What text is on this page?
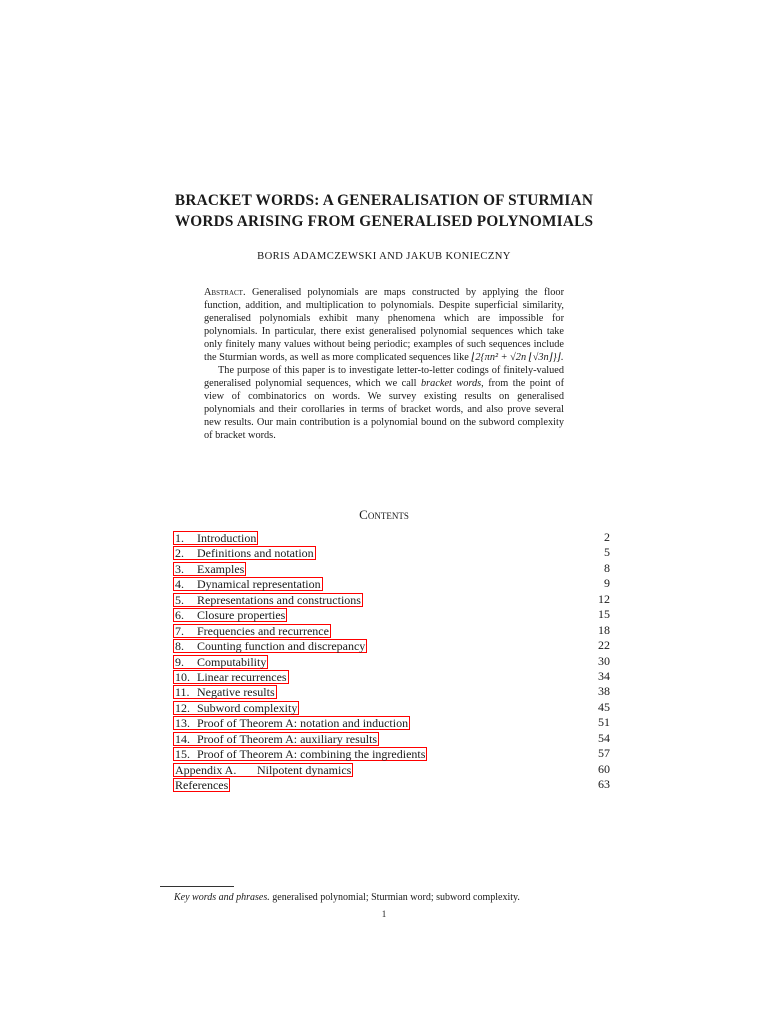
BRACKET WORDS: A GENERALISATION OF STURMIAN
WORDS ARISING FROM GENERALISED POLYNOMIALS
BORIS ADAMCZEWSKI AND JAKUB KONIECZNY

Abstract. Generalised polynomials are maps constructed by applying the floor function, addition, and multiplication to polynomials. Despite superficial similarity, generalised polynomials exhibit many phenomena which are impossible for polynomials. In particular, there exist generalised polynomial sequences which take only finitely many values without being periodic; examples of such sequences include the Sturmian words, as well as more complicated sequences like ⌊2{πn² + √2n ⌊√3n⌋}⌋.

The purpose of this paper is to investigate letter-to-letter codings of finitely-valued generalised polynomial sequences, which we call bracket words, from the point of view of combinatorics on words. We survey existing results on generalised polynomials and their corollaries in terms of bracket words, and also prove several new results. Our main contribution is a polynomial bound on the subword complexity of bracket words.

Contents
1. Introduction	2
2. Definitions and notation	5
3. Examples	8
4. Dynamical representation	9
5. Representations and constructions	12
6. Closure properties	15
7. Frequencies and recurrence	18
8. Counting function and discrepancy	22
9. Computability	30
10. Linear recurrences	34
11. Negative results	38
12. Subword complexity	45
13. Proof of Theorem A: notation and induction	51
14. Proof of Theorem A: auxiliary results	54
15. Proof of Theorem A: combining the ingredients	57
Appendix A. Nilpotent dynamics	60
References	63
Key words and phrases. generalised polynomial; Sturmian word; subword complexity.
1
